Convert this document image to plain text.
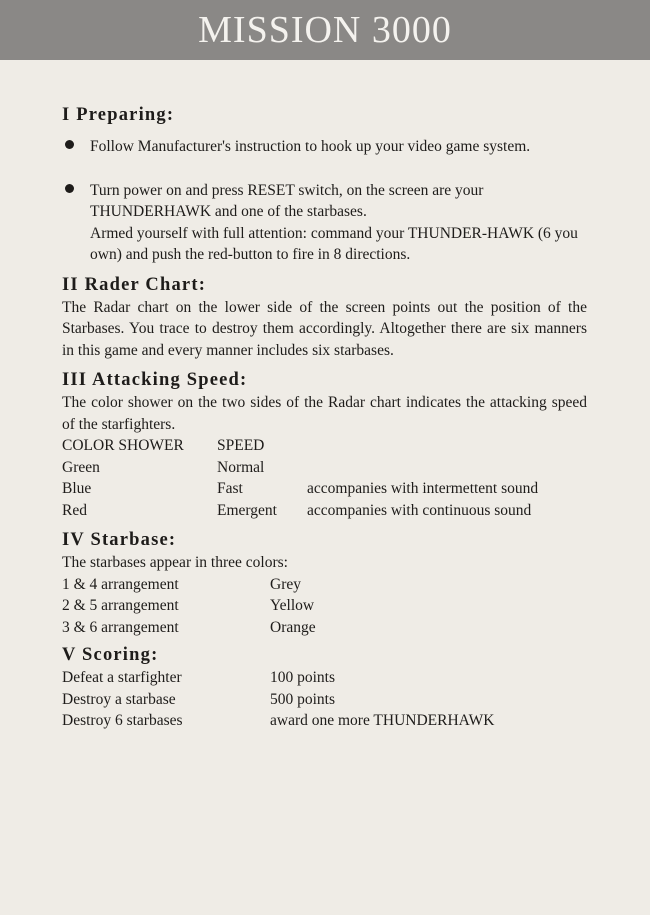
MISSION 3000
I Preparing:
Follow Manufacturer's instruction to hook up your video game system.
Turn power on and press RESET switch, on the screen are your THUNDERHAWK and one of the starbases.
Armed yourself with full attention: command your THUNDER-HAWK (6 you own) and push the red-button to fire in 8 directions.
II Rader Chart:
The Radar chart on the lower side of the screen points out the position of the Starbases. You trace to destroy them accordingly. Altogether there are six manners in this game and every manner includes six starbases.
III Attacking Speed:
The color shower on the two sides of the Radar chart indicates the attacking speed of the starfighters.
COLOR SHOWER	SPEED
Green	Normal
Blue	Fast	accompanies with intermettent sound
Red	Emergent	accompanies with continuous sound
IV Starbase:
The starbases appear in three colors:
1 & 4 arrangement	Grey
2 & 5 arrangement	Yellow
3 & 6 arrangement	Orange
V Scoring:
Defeat a starfighter	100 points
Destroy a starbase	500 points
Destroy 6 starbases	award one more THUNDERHAWK
